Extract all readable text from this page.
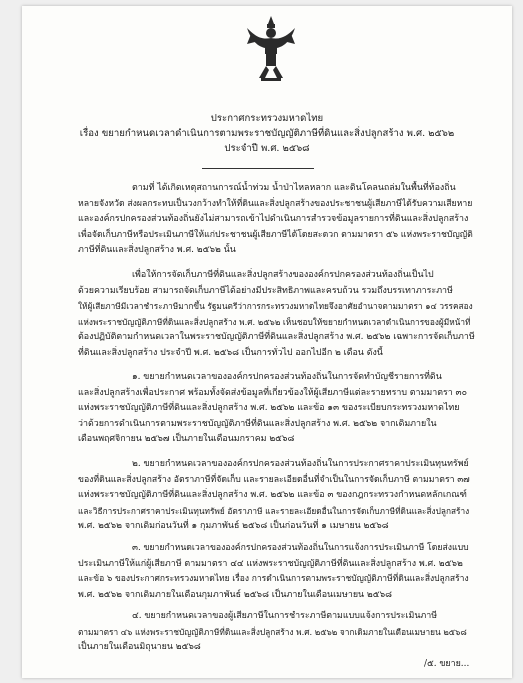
ประกาศกระทรวงมหาดไทย
เรื่อง ขยายกำหนดเวลาดำเนินการตามพระราชบัญญัติภาษีที่ดินและสิ่งปลูกสร้าง พ.ศ. ๒๕๖๒
ประจำปี พ.ศ. ๒๕๖๘
ตามที่ ได้เกิดเหตุสถานการณ์น้ำท่วม น้ำป่าไหลหลาก และดินโคลนถล่มในพื้นที่ท้องถิ่น
หลายจังหวัด ส่งผลกระทบเป็นวงกว้างทำให้ที่ดินและสิ่งปลูกสร้างของประชาชนผู้เสียภาษีได้รับความเสียหาย
และองค์กรปกครองส่วนท้องถิ่นยังไม่สามารถเข้าไปดำเนินการสำรวจข้อมูลรายการที่ดินและสิ่งปลูกสร้าง
เพื่อจัดเก็บภาษีหรือประเมินภาษีให้แก่ประชาชนผู้เสียภาษีได้โดยสะดวก ตามมาตรา ๕๖ แห่งพระราชบัญญัติ
ภาษีที่ดินและสิ่งปลูกสร้าง พ.ศ. ๒๕๖๒ นั้น
เพื่อให้การจัดเก็บภาษีที่ดินและสิ่งปลูกสร้างขององค์กรปกครองส่วนท้องถิ่นเป็นไป
ด้วยความเรียบร้อย สามารถจัดเก็บภาษีได้อย่างมีประสิทธิภาพและครบถ้วน รวมถึงบรรเทาภาระภาษี
ให้ผู้เสียภาษีมีเวลาชำระภาษีมากขึ้น รัฐมนตรีว่าการกระทรวงมหาดไทยจึงอาศัยอำนาจตามมาตรา ๑๔ วรรคสอง
แห่งพระราชบัญญัติภาษีที่ดินและสิ่งปลูกสร้าง พ.ศ. ๒๕๖๒ เห็นชอบให้ขยายกำหนดเวลาดำเนินการของผู้มีหน้าที่
ต้องปฏิบัติตามกำหนดเวลาในพระราชบัญญัติภาษีที่ดินและสิ่งปลูกสร้าง พ.ศ. ๒๕๖๒ เฉพาะการจัดเก็บภาษี
ที่ดินและสิ่งปลูกสร้าง ประจำปี พ.ศ. ๒๕๖๘ เป็นการทั่วไป ออกไปอีก ๒ เดือน ดังนี้
๑. ขยายกำหนดเวลาขององค์กรปกครองส่วนท้องถิ่นในการจัดทำบัญชีรายการที่ดิน
และสิ่งปลูกสร้างเพื่อประกาศ พร้อมทั้งจัดส่งข้อมูลที่เกี่ยวข้องให้ผู้เสียภาษีแต่ละรายทราบ ตามมาตรา ๓๐
แห่งพระราชบัญญัติภาษีที่ดินและสิ่งปลูกสร้าง พ.ศ. ๒๕๖๒ และข้อ ๑๓ ของระเบียบกระทรวงมหาดไทย
ว่าด้วยการดำเนินการตามพระราชบัญญัติภาษีที่ดินและสิ่งปลูกสร้าง พ.ศ. ๒๕๖๒ จากเดิมภายใน
เดือนพฤศจิกายน ๒๕๖๗ เป็นภายในเดือนมกราคม ๒๕๖๘
๒. ขยายกำหนดเวลาขององค์กรปกครองส่วนท้องถิ่นในการประกาศราคาประเมินทุนทรัพย์
ของที่ดินและสิ่งปลูกสร้าง อัตราภาษีที่จัดเก็บ และรายละเอียดอื่นที่จำเป็นในการจัดเก็บภาษี ตามมาตรา ๓๗
แห่งพระราชบัญญัติภาษีที่ดินและสิ่งปลูกสร้าง พ.ศ. ๒๕๖๒ และข้อ ๓ ของกฎกระทรวงกำหนดหลักเกณฑ์
และวิธีการประกาศราคาประเมินทุนทรัพย์ อัตราภาษี และรายละเอียดอื่นในการจัดเก็บภาษีที่ดินและสิ่งปลูกสร้าง
พ.ศ. ๒๕๖๒ จากเดิมก่อนวันที่ ๑ กุมภาพันธ์ ๒๕๖๘ เป็นก่อนวันที่ ๑ เมษายน ๒๕๖๘
๓. ขยายกำหนดเวลาขององค์กรปกครองส่วนท้องถิ่นในการแจ้งการประเมินภาษี โดยส่งแบบ
ประเมินภาษีให้แก่ผู้เสียภาษี ตามมาตรา ๔๔ แห่งพระราชบัญญัติภาษีที่ดินและสิ่งปลูกสร้าง พ.ศ. ๒๕๖๒
และข้อ ๖ ของประกาศกระทรวงมหาดไทย เรื่อง การดำเนินการตามพระราชบัญญัติภาษีที่ดินและสิ่งปลูกสร้าง
พ.ศ. ๒๕๖๒ จากเดิมภายในเดือนกุมภาพันธ์ ๒๕๖๘ เป็นภายในเดือนเมษายน ๒๕๖๘
๔. ขยายกำหนดเวลาของผู้เสียภาษีในการชำระภาษีตามแบบแจ้งการประเมินภาษี
ตามมาตรา ๔๖ แห่งพระราชบัญญัติภาษีที่ดินและสิ่งปลูกสร้าง พ.ศ. ๒๕๖๒ จากเดิมภายในเดือนเมษายน ๒๕๖๘
เป็นภายในเดือนมิถุนายน ๒๕๖๘
/๕. ขยาย...
